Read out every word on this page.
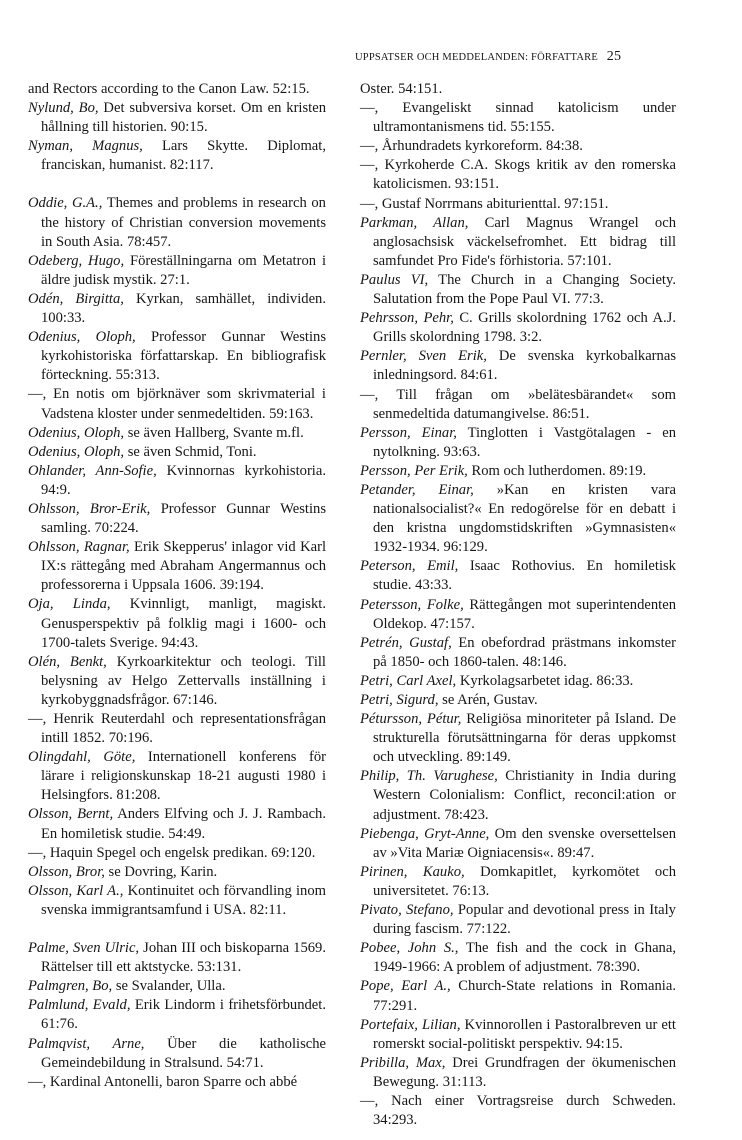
UPPSATSER OCH MEDDELANDEN: FÖRFATTARE 25
and Rectors according to the Canon Law. 52:15.
Nylund, Bo, Det subversiva korset. Om en kristen hållning till historien. 90:15.
Nyman, Magnus, Lars Skytte. Diplomat, franciskan, humanist. 82:117.
Oddie, G.A., Themes and problems in research on the history of Christian conversion movements in South Asia. 78:457.
Odeberg, Hugo, Föreställningarna om Metatron i äldre judisk mystik. 27:1.
Odén, Birgitta, Kyrkan, samhället, individen. 100:33.
Odenius, Oloph, Professor Gunnar Westins kyrkohistoriska författarskap. En bibliografisk förteckning. 55:313.
—, En notis om björknäver som skrivmaterial i Vadstena kloster under senmedeltiden. 59:163.
Odenius, Oloph, se även Hallberg, Svante m.fl.
Odenius, Oloph, se även Schmid, Toni.
Ohlander, Ann-Sofie, Kvinnornas kyrkohistoria. 94:9.
Ohlsson, Bror-Erik, Professor Gunnar Westins samling. 70:224.
Ohlsson, Ragnar, Erik Skepperus' inlagor vid Karl IX:s rättegång med Abraham Angermannus och professorerna i Uppsala 1606. 39:194.
Oja, Linda, Kvinnligt, manligt, magiskt. Genusperspektiv på folklig magi i 1600- och 1700-talets Sverige. 94:43.
Olén, Benkt, Kyrkoarkitektur och teologi. Till belysning av Helgo Zettervalls inställning i kyrkobyggnadsfrågor. 67:146.
—, Henrik Reuterdahl och representationsfrågan intill 1852. 70:196.
Olingdahl, Göte, Internationell konferens för lärare i religionskunskap 18-21 augusti 1980 i Helsingfors. 81:208.
Olsson, Bernt, Anders Elfving och J. J. Rambach. En homiletisk studie. 54:49.
—, Haquin Spegel och engelsk predikan. 69:120.
Olsson, Bror, se Dovring, Karin.
Olsson, Karl A., Kontinuitet och förvandling inom svenska immigrantsamfund i USA. 82:11.
Palme, Sven Ulric, Johan III och biskoparna 1569. Rättelser till ett aktstycke. 53:131.
Palmgren, Bo, se Svalander, Ulla.
Palmlund, Evald, Erik Lindorm i frihetsförbundet. 61:76.
Palmqvist, Arne, Über die katholische Gemeindebildung in Stralsund. 54:71.
—, Kardinal Antonelli, baron Sparre och abbé
Oster. 54:151.
—, Evangeliskt sinnad katolicism under ultramontanismens tid. 55:155.
—, Århundradets kyrkoreform. 84:38.
—, Kyrkoherde C.A. Skogs kritik av den romerska katolicismen. 93:151.
—, Gustaf Norrmans abiturienttal. 97:151.
Parkman, Allan, Carl Magnus Wrangel och anglosachsisk väckelsefromhet. Ett bidrag till samfundet Pro Fide's förhistoria. 57:101.
Paulus VI, The Church in a Changing Society. Salutation from the Pope Paul VI. 77:3.
Pehrsson, Pehr, C. Grills skolordning 1762 och A.J. Grills skolordning 1798. 3:2.
Pernler, Sven Erik, De svenska kyrkobalkarnas inledningsord. 84:61.
—, Till frågan om »belätesbärandet« som senmedeltida datumangivelse. 86:51.
Persson, Einar, Tinglotten i Vastgötalagen - en nytolkning. 93:63.
Persson, Per Erik, Rom och lutherdomen. 89:19.
Petander, Einar, »Kan en kristen vara nationalsocialist?« En redogörelse för en debatt i den kristna ungdomstidskriften »Gymnasisten« 1932-1934. 96:129.
Peterson, Emil, Isaac Rothovius. En homiletisk studie. 43:33.
Petersson, Folke, Rättegången mot superintendenten Oldekop. 47:157.
Petrén, Gustaf, En obefordrad prästmans inkomster på 1850- och 1860-talen. 48:146.
Petri, Carl Axel, Kyrkolagsarbetet idag. 86:33.
Petri, Sigurd, se Arén, Gustav.
Pétursson, Pétur, Religiösa minoriteter på Island. De strukturella förutsättningarna för deras uppkomst och utveckling. 89:149.
Philip, Th. Varughese, Christianity in India during Western Colonialism: Conflict, reconcil:ation or adjustment. 78:423.
Piebenga, Gryt-Anne, Om den svenske oversettelsen av »Vita Mariæ Oigniacensis«. 89:47.
Pirinen, Kauko, Domkapitlet, kyrkomötet och universitetet. 76:13.
Pivato, Stefano, Popular and devotional press in Italy during fascism. 77:122.
Pobee, John S., The fish and the cock in Ghana, 1949-1966: A problem of adjustment. 78:390.
Pope, Earl A., Church-State relations in Romania. 77:291.
Portefaix, Lilian, Kvinnorollen i Pastoralbreven ur ett romerskt social-politiskt perspektiv. 94:15.
Pribilla, Max, Drei Grundfragen der ökumenischen Bewegung. 31:113.
—, Nach einer Vortragsreise durch Schweden. 34:293.
